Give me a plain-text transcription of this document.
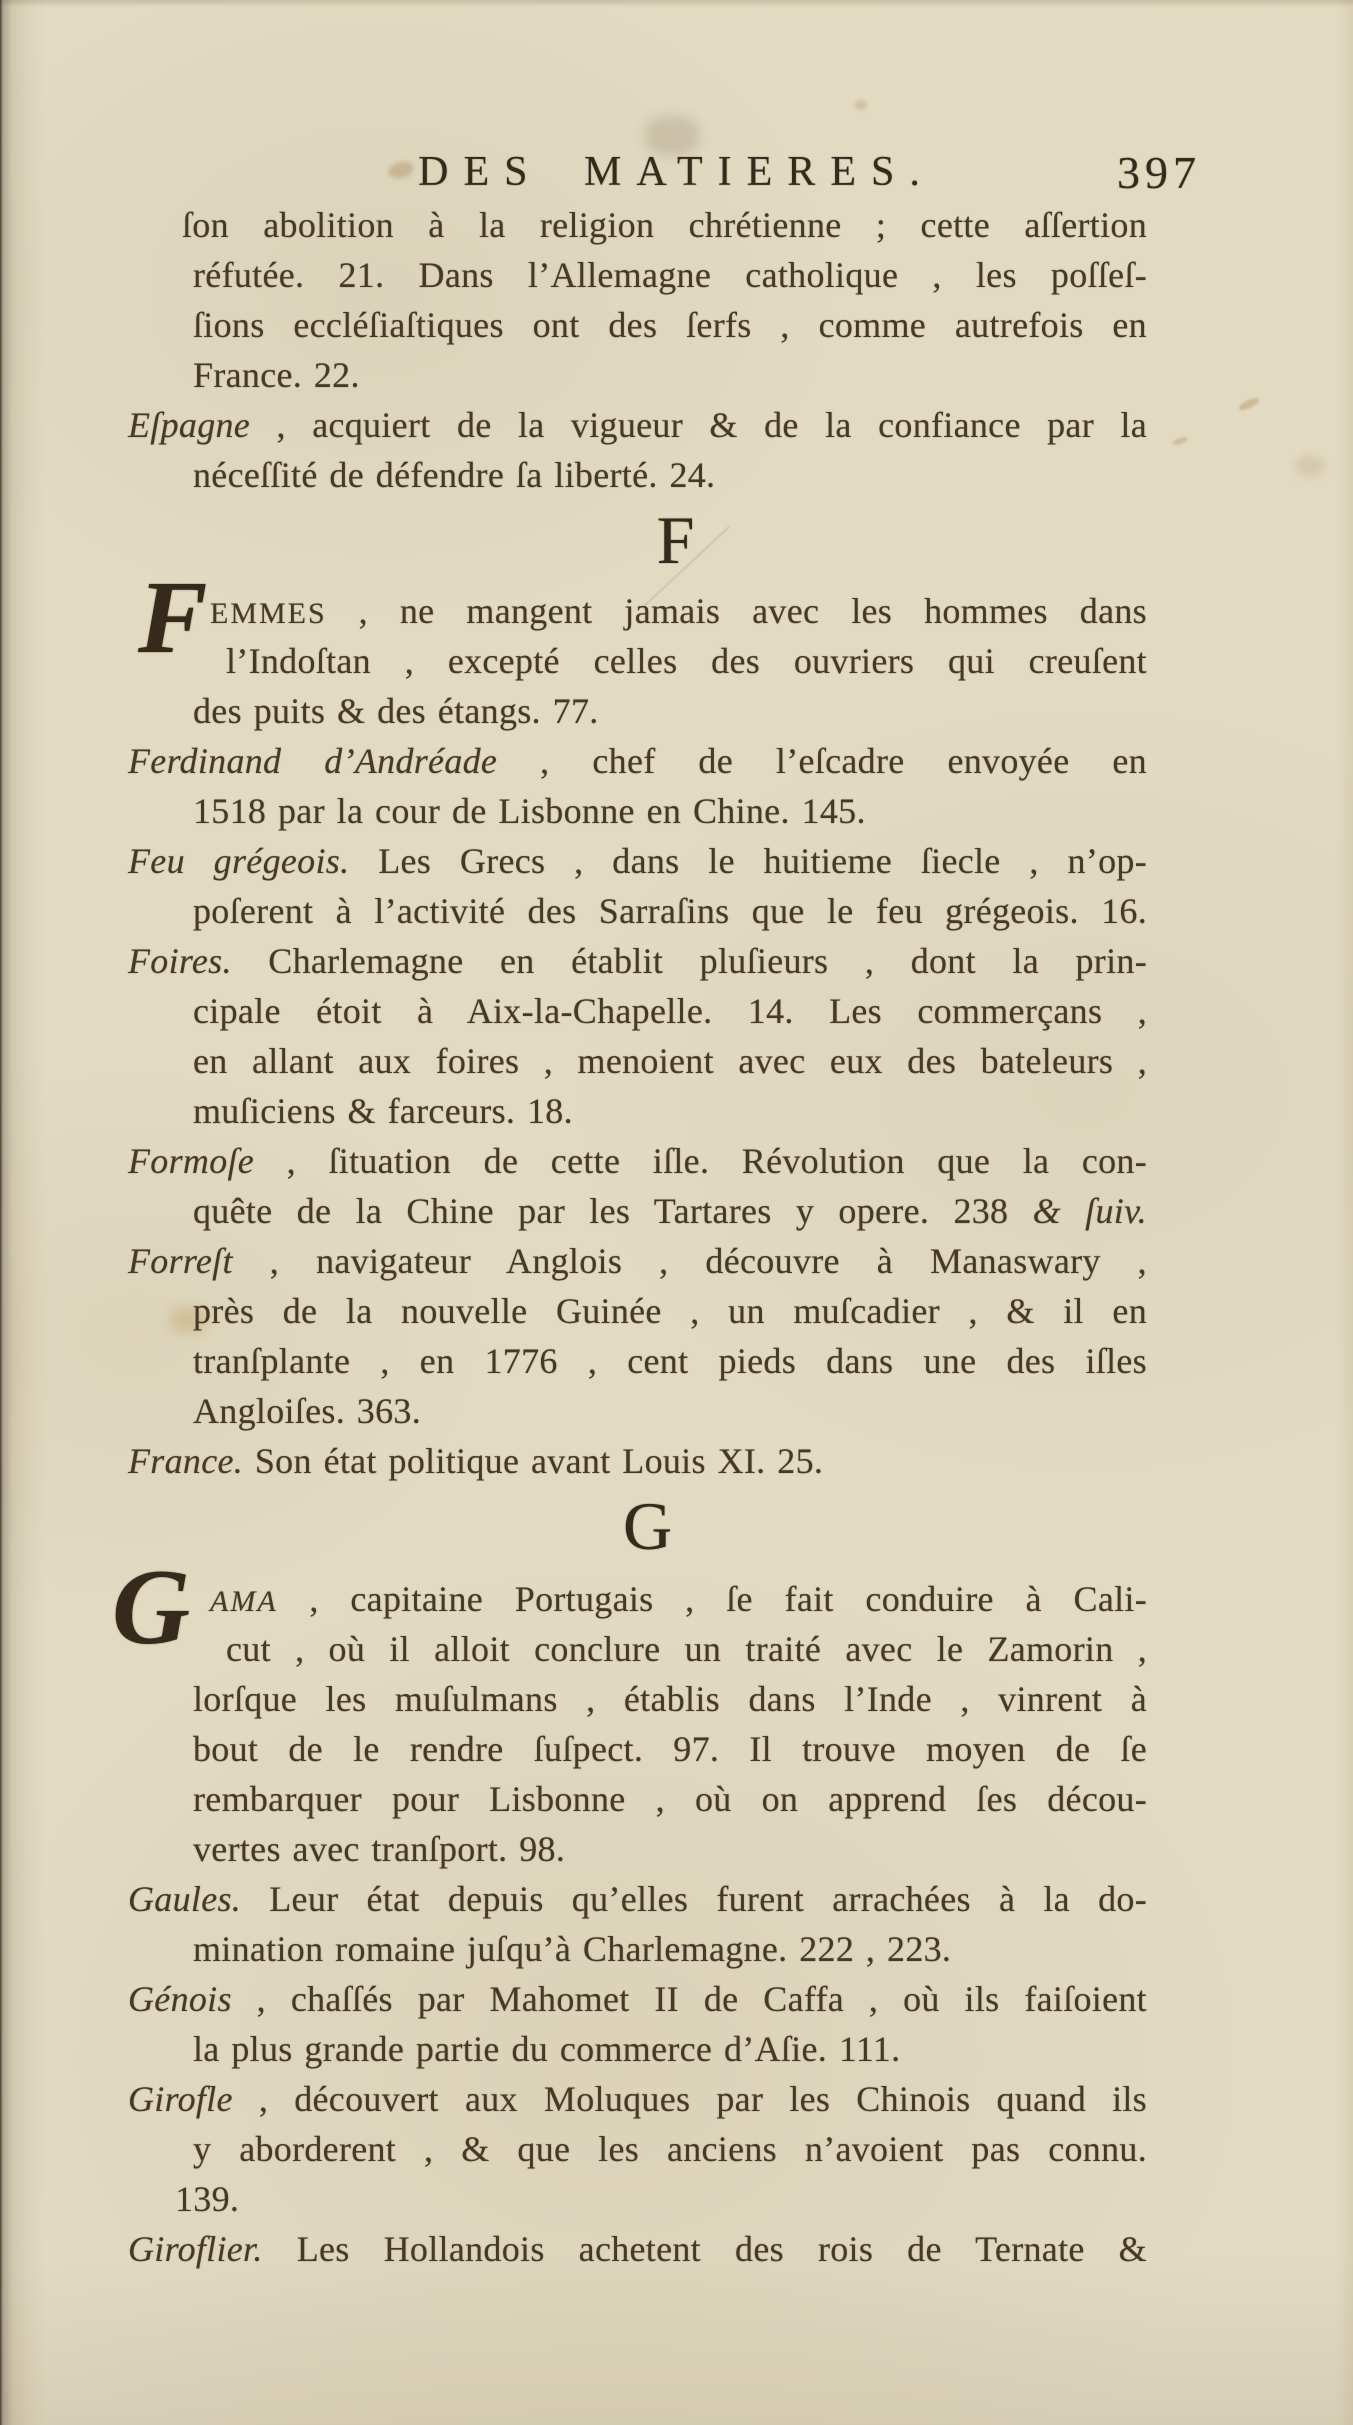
DES MATIERES.	397
ſon abolition à la religion chrétienne ; cette aſſertion
réfutée. 21. Dans l’Allemagne catholique , les poſſeſ-
ſions eccléſiaſtiques ont des ſerfs , comme autrefois en
France. 22.
Eſpagne , acquiert de la vigueur & de la confiance par la
néceſſité de défendre ſa liberté. 24.
F
F EMMES , ne mangent jamais avec les hommes dans
l’Indoſtan , excepté celles des ouvriers qui creuſent
des puits & des étangs. 77.
Ferdinand d’Andréade , chef de l’eſcadre envoyée en
1518 par la cour de Lisbonne en Chine. 145.
Feu grégeois. Les Grecs , dans le huitieme ſiecle , n’op-
poſerent à l’activité des Sarraſins que le feu grégeois. 16.
Foires. Charlemagne en établit pluſieurs , dont la prin-
cipale étoit à Aix-la-Chapelle. 14. Les commerçans ,
en allant aux foires , menoient avec eux des bateleurs ,
muſiciens & farceurs. 18.
Formoſe , ſituation de cette iſle. Révolution que la con-
quête de la Chine par les Tartares y opere. 238 & ſuiv.
Forreſt , navigateur Anglois , découvre à Manaswary ,
près de la nouvelle Guinée , un muſcadier , & il en
tranſplante , en 1776 , cent pieds dans une des iſles
Angloiſes. 363.
France. Son état politique avant Louis XI. 25.
G
G AMA , capitaine Portugais , ſe fait conduire à Cali-
cut , où il alloit conclure un traité avec le Zamorin ,
lorſque les muſulmans , établis dans l’Inde , vinrent à
bout de le rendre ſuſpect. 97. Il trouve moyen de ſe
rembarquer pour Lisbonne , où on apprend ſes décou-
vertes avec tranſport. 98.
Gaules. Leur état depuis qu’elles furent arrachées à la do-
mination romaine juſqu’à Charlemagne. 222 , 223.
Génois , chaſſés par Mahomet II de Caffa , où ils faiſoient
la plus grande partie du commerce d’Aſie. 111.
Girofle , découvert aux Moluques par les Chinois quand ils
y aborderent , & que les anciens n’avoient pas connu.
139.
Giroflier. Les Hollandois achetent des rois de Ternate &
